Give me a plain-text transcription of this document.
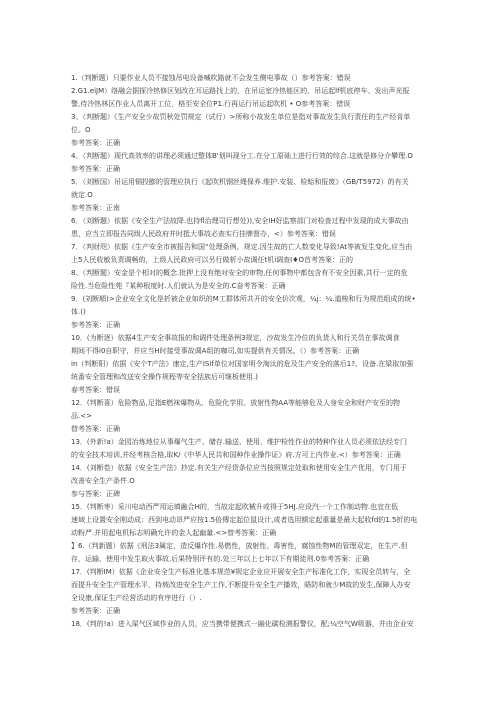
1.（判断题）只要作业人员不接蚀吊电设备喊吹路就不会发生侧电事故（）参考答案：错误
2.G1.eiJM）络融会据探冷热修区划改在耳运路找上的，在吊运室冷热能区的，吊运起lf机底停车、发出声光报
警,待冷热林区作业人员离开工位，格至安全位P1.行再运行吊运起吹机 • O参考答案：错误
3、（判断题）《生产安全少故罚秋处罚规定（试行）>所称小故发生单位是指对事故发生负行责任的生产经肯单
位。O
参考答案：正确
4、（判断题）现代高效率的讲理必须通过整体B'划叫现分工.在分工原础上进行行效的综合.这就是修分介攀理.O
参考答案：正确
5．（刘断国）吊运用铜投膨的管理应执行《起吹机钢丝绳保养.维护.安装、检蛤和报废》（GB/T5972）的有关
就定.O
参考答案：正南
6．（刘断題）依据《安全生产法故降.也持fl治理司行想处)),安全IH好监察部门对检查过程中发现的成大事故由
患，应当立即报告同级人民政府并时抵大事故必查实行挂牌督办，<）参考答案：错误
7．（判财咫）依据《生产安全市被报告和国“处理条例，规定.因生故的亡人数变化导致!At等被发生变化,应当由
上5人民收敏负责调畅的，上级人民政府可以另行做析小故调任t机i调查I♦O首考答案：正的
8、（判断题）安金是个相对的概念.批押上没有绝对安全的审物,任何事物中都包含有不安全因素,共行一定的危
险性.当危险性苑『某种根度时.人们就认为是安全的.C奋考答案：正确
9．(刘断順)>企业安全文化是折被企业如织的M工群体所共开的安全价次观，¼j：¼.道梭和行为规范组成的统•
体.()
参考答案：正确
10．(为断逐）依据4生产安全事故报的和调件处理条例3规定，沙故发生冷位的负货人和行关员在事故调食
期间不得i0自职守，并应当H时接受事故调A组的咖司,如实提供有关情况。（）参考答案：正确
in（判断阳）依据《安个T产法》康定,生产ISif单位对国家明令淘汰的危及生产安全的落后1?、设备.在梁取加强
统番安全管理和改送安全操作规程等安全括族后可继板使用.)
春考答案：错误
12．(判断喜）危险物品,足指E燃袜爆物从、危险化学用、放射性物AA等能够危及人身安全和财产安至的物
品.<>
替考答案：正确
13．(外新!a）金园冶炼地位从事爆气生产、储存.输送、使用、维护检性作业的特种作业人员必须依法经专门
的安全技术培训,并经考核合格,取K/《中华人民共和国种作业操作证》府.方可上内作业.<）参考答案：正确
14．(刘断卷）依据《安全生产法》抄定.有关生产经货条位应当按照规定处取和使用安全生产优用，专门用于
改善安全生产条件.O
参与答案：正碑
15．(判断枣）采川电动西严用运填融合H的，当故定起吹械升或得于5HJ.应设汽一个工作制动物.也宜在低
速域上设置安全刚动成：西到电动昂严应按1.5倍傳定起位鼠设计,或者选用额定起重量是最大起收fd的1.5折的电
动粉严.并用起电机标志明确允许的金人起幽量.<>替考答案：正确
】6.（判新题）依据《刑法3属定，造反爆诈性.易燃性，放射性、毒害性，腐蚀性物M的管理双定，在生产.但
存，运输、使用中发生取火事故.后果特别评有的.处三年以上七年以下有期徒刑.0参考答案：正确
17．(判断IM）依据《企业安全生产标准化基本规范¥规定企业应开展安全生产标准化工作，实现全员转与，全
而提升安全生产管理水平，持坡改进安全生产工作,不断提升安全生产播效，晤防和就少M故的发生,保障人办安
全设康,保证生产经营活动的有序进行（）.
参考答案：正确
18．(判的!a）进入屎气区域作业的人员，应当携带便携式一融化碳检测报警仪，配;¼空气W吸器，并由企业安
